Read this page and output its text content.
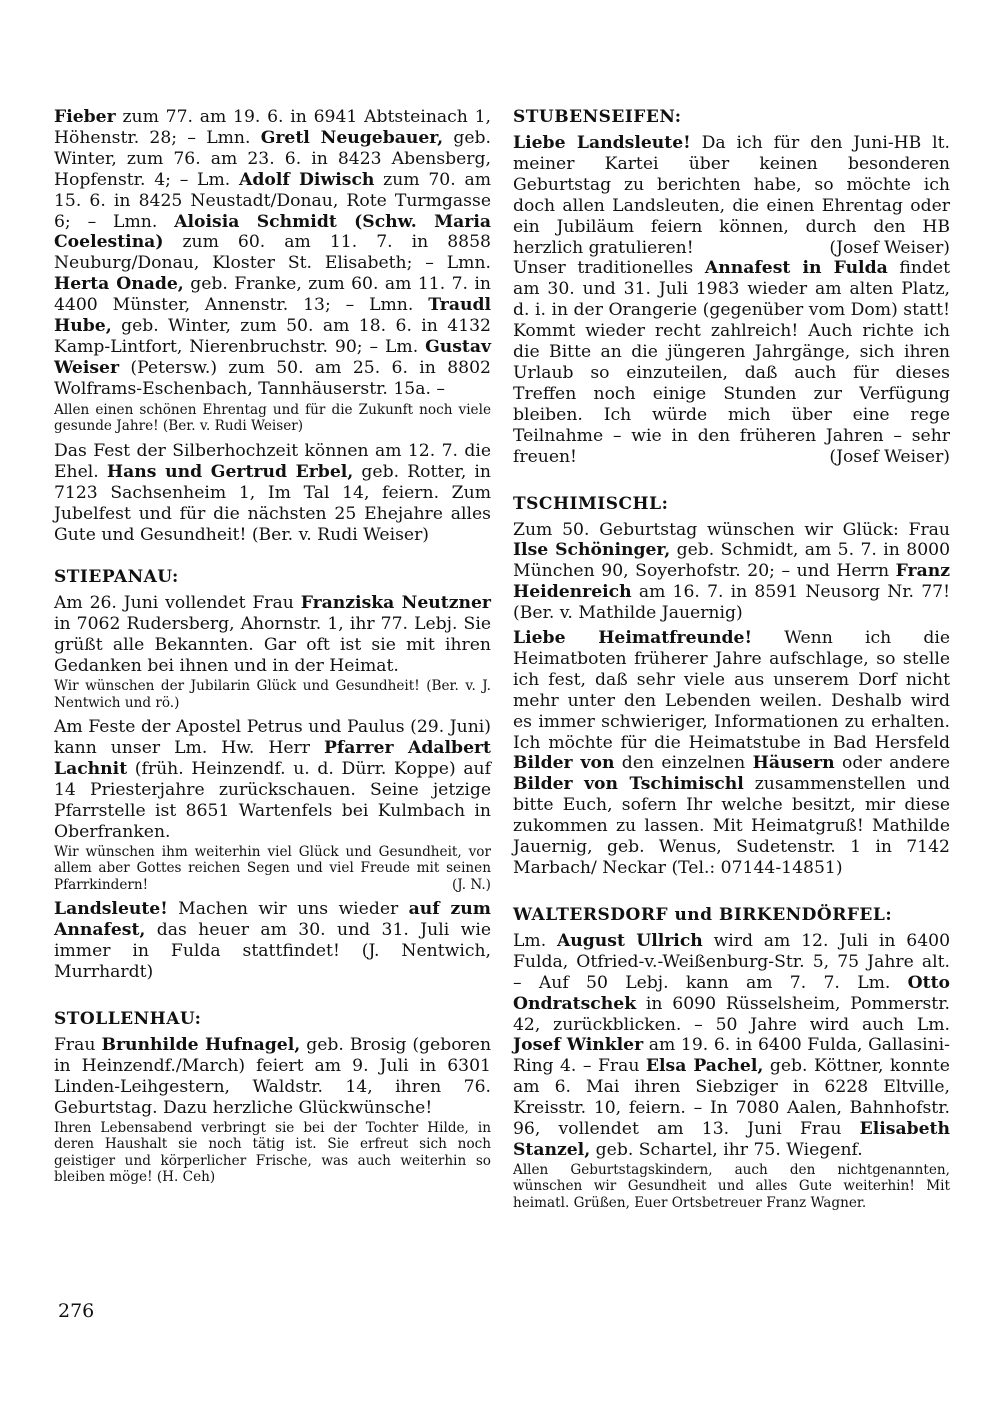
Fieber zum 77. am 19. 6. in 6941 Abtsteinach 1, Höhenstr. 28; – Lmn. Gretl Neugebauer, geb. Winter, zum 76. am 23. 6. in 8423 Abensberg, Hopfenstr. 4; – Lm. Adolf Diwisch zum 70. am 15. 6. in 8425 Neustadt/Donau, Rote Turmgasse 6; – Lmn. Aloisia Schmidt (Schw. Maria Coelestina) zum 60. am 11. 7. in 8858 Neuburg/Donau, Kloster St. Elisabeth; – Lmn. Herta Onade, geb. Franke, zum 60. am 11. 7. in 4400 Münster, Annenstr. 13; – Lmn. Traudl Hube, geb. Winter, zum 50. am 18. 6. in 4132 Kamp-Lintfort, Nierenbruchstr. 90; – Lm. Gustav Weiser (Petersw.) zum 50. am 25. 6. in 8802 Wolframs-Eschenbach, Tannhäuserstr. 15a. –

Allen einen schönen Ehrentag und für die Zukunft noch viele gesunde Jahre! (Ber. v. Rudi Weiser)

Das Fest der Silberhochzeit können am 12. 7. die Ehel. Hans und Gertrud Erbel, geb. Rotter, in 7123 Sachsenheim 1, Im Tal 14, feiern. Zum Jubelfest und für die nächsten 25 Ehejahre alles Gute und Gesundheit! (Ber. v. Rudi Weiser)

STIEPANAU:

Am 26. Juni vollendet Frau Franziska Neutzner in 7062 Rudersberg, Ahornstr. 1, ihr 77. Lebj. Sie grüßt alle Bekannten. Gar oft ist sie mit ihren Gedanken bei ihnen und in der Heimat.

Wir wünschen der Jubilarin Glück und Gesundheit! (Ber. v. J. Nentwich und rö.)

Am Feste der Apostel Petrus und Paulus (29. Juni) kann unser Lm. Hw. Herr Pfarrer Adalbert Lachnit (früh. Heinzendf. u. d. Dürr. Koppe) auf 14 Priesterjahre zurückschauen. Seine jetzige Pfarrstelle ist 8651 Wartenfels bei Kulmbach in Oberfranken.

Wir wünschen ihm weiterhin viel Glück und Gesundheit, vor allem aber Gottes reichen Segen und viel Freude mit seinen Pfarrkindern!	(J. N.)

Landsleute! Machen wir uns wieder auf zum Annafest, das heuer am 30. und 31. Juli wie immer in Fulda stattfindet! (J. Nentwich, Murrhardt)

STOLLENHAU:

Frau Brunhilde Hufnagel, geb. Brosig (geboren in Heinzendf./March) feiert am 9. Juli in 6301 Linden-Leihgestern, Waldstr. 14, ihren 76. Geburtstag. Dazu herzliche Glückwünsche!

Ihren Lebensabend verbringt sie bei der Tochter Hilde, in deren Haushalt sie noch tätig ist. Sie erfreut sich noch geistiger und körperlicher Frische, was auch weiterhin so bleiben möge! (H. Ceh)

STUBENSEIFEN:

Liebe Landsleute! Da ich für den Juni-HB lt. meiner Kartei über keinen besonderen Geburtstag zu berichten habe, so möchte ich doch allen Landsleuten, die einen Ehrentag oder ein Jubiläum feiern können, durch den HB herzlich gratulieren!	(Josef Weiser)

Unser traditionelles Annafest in Fulda findet am 30. und 31. Juli 1983 wieder am alten Platz, d. i. in der Orangerie (gegenüber vom Dom) statt! Kommt wieder recht zahlreich! Auch richte ich die Bitte an die jüngeren Jahrgänge, sich ihren Urlaub so einzuteilen, daß auch für dieses Treffen noch einige Stunden zur Verfügung bleiben. Ich würde mich über eine rege Teilnahme – wie in den früheren Jahren – sehr freuen!	(Josef Weiser)

TSCHIMISCHL:

Zum 50. Geburtstag wünschen wir Glück: Frau Ilse Schöninger, geb. Schmidt, am 5. 7. in 8000 München 90, Soyerhofstr. 20; – und Herrn Franz Heidenreich am 16. 7. in 8591 Neusorg Nr. 77! (Ber. v. Mathilde Jauernig)

Liebe Heimatfreunde! Wenn ich die Heimatboten früherer Jahre aufschlage, so stelle ich fest, daß sehr viele aus unserem Dorf nicht mehr unter den Lebenden weilen. Deshalb wird es immer schwieriger, Informationen zu erhalten. Ich möchte für die Heimatstube in Bad Hersfeld Bilder von den einzelnen Häusern oder andere Bilder von Tschimischl zusammenstellen und bitte Euch, sofern Ihr welche besitzt, mir diese zukommen zu lassen. Mit Heimatgruß! Mathilde Jauernig, geb. Wenus, Sudetenstr. 1 in 7142 Marbach/ Neckar (Tel.: 07144-14851)

WALTERSDORF und BIRKENDÖRFEL:

Lm. August Ullrich wird am 12. Juli in 6400 Fulda, Otfried-v.-Weißenburg-Str. 5, 75 Jahre alt. – Auf 50 Lebj. kann am 7. 7. Lm. Otto Ondratschek in 6090 Rüsselsheim, Pommerstr. 42, zurückblicken. – 50 Jahre wird auch Lm. Josef Winkler am 19. 6. in 6400 Fulda, Gallasini-Ring 4. – Frau Elsa Pachel, geb. Köttner, konnte am 6. Mai ihren Siebziger in 6228 Eltville, Kreisstr. 10, feiern. – In 7080 Aalen, Bahnhofstr. 96, vollendet am 13. Juni Frau Elisabeth Stanzel, geb. Schartel, ihr 75. Wiegenf.

Allen Geburtstagskindern, auch den nichtgenannten, wünschen wir Gesundheit und alles Gute weiterhin! Mit heimatl. Grüßen, Euer Ortsbetreuer Franz Wagner.

276
